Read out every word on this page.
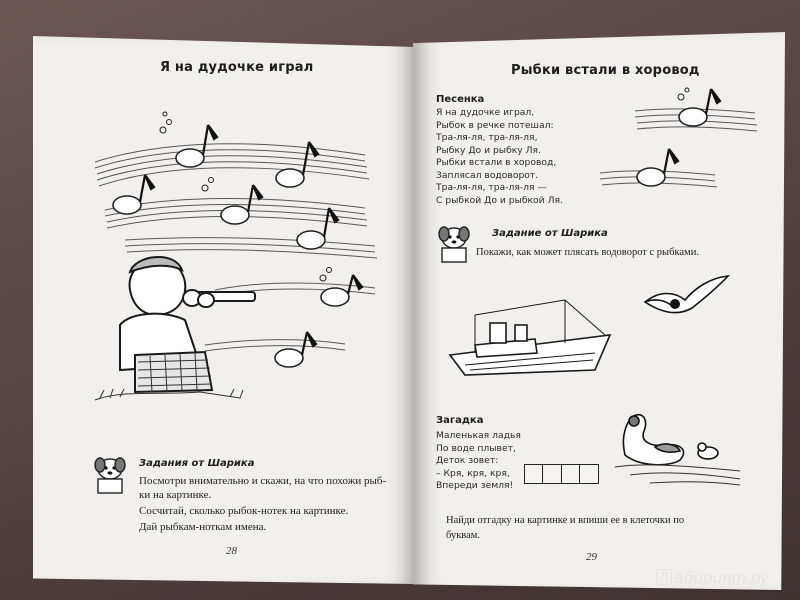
Я на дудочке играл
Задания от Шарика
Посмотри внимательно и скажи, на что похожи рыб-
ки на картинке.
Сосчитай, сколько рыбок-нотек на картинке.
Дай рыбкам-ноткам имена.
28
Рыбки встали в хоровод
Песенка
Я на дудочке играл,
Рыбок в речке потешал:
Тра-ля-ля, тра-ля-ля,
Рыбку До и рыбку Ля.
Рыбки встали в хоровод,
Заплясал водоворот.
Тра-ля-ля, тра-ля-ля —
С рыбкой До и рыбкой Ля.
Задание от Шарика
Покажи, как может плясать водоворот с рыбками.
Загадка
Маленькая ладья
По воде плывет,
Деток зовет:
– Кря, кря, кря,
Впереди земля!
Найди отгадку на картинке и впиши ее в клеточки по
буквам.
29
Л абиринт.ру
